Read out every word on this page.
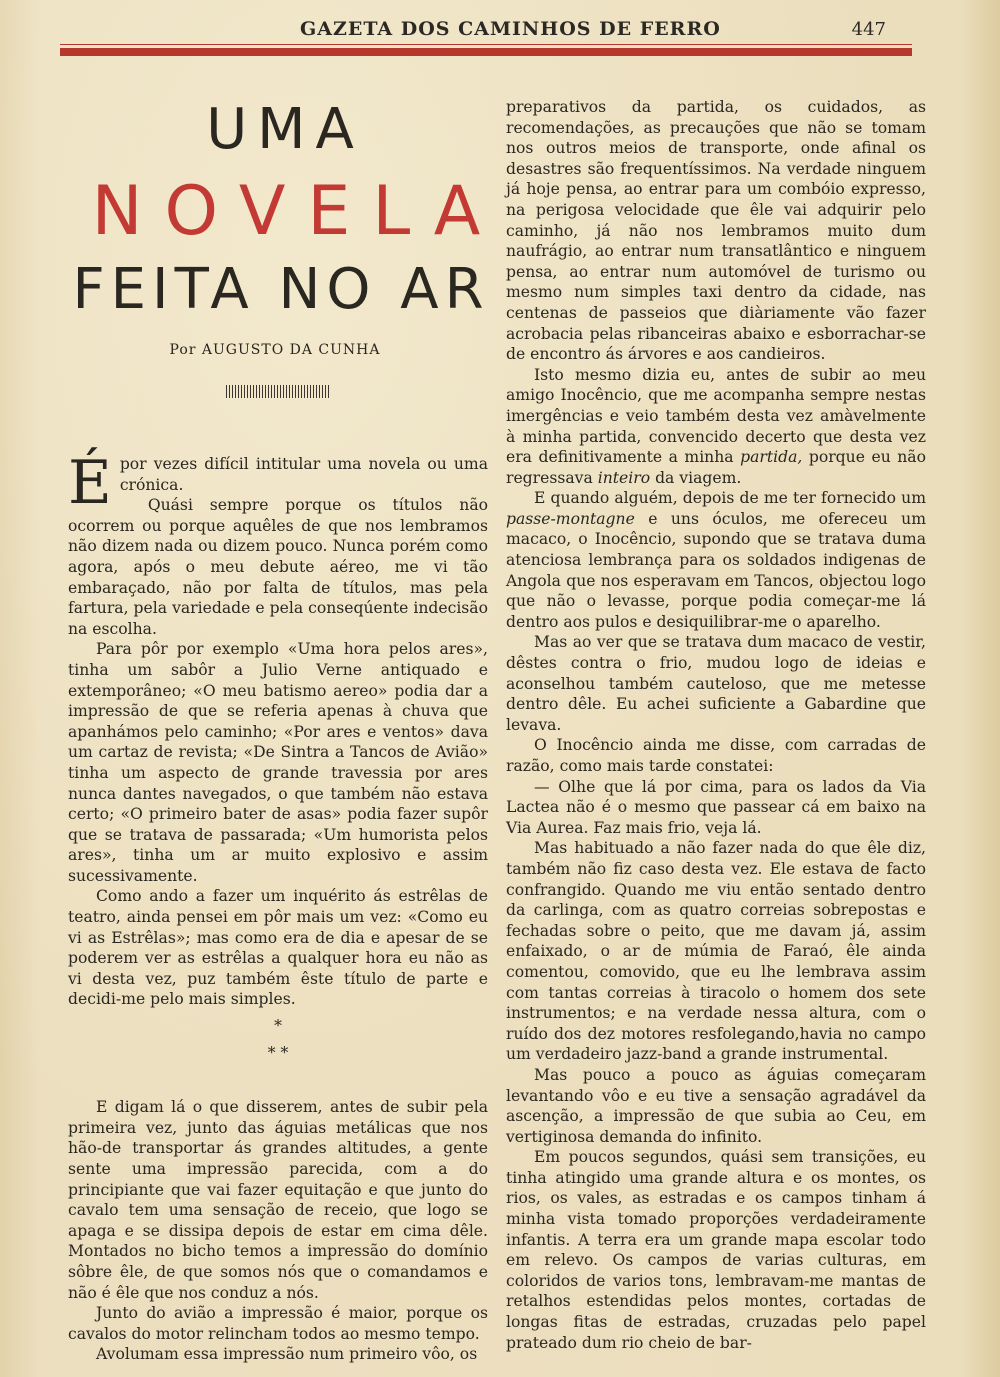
GAZETA DOS CAMINHOS DE FERRO	447
UMA
NOVELA
FEITA NO AR
Por AUGUSTO DA CUNHA

Épor vezes difícil intitular uma novela ou uma crónica.

Quási sempre porque os títulos não ocorrem ou porque aquêles de que nos lembramos não dizem nada ou dizem pouco. Nunca porém como agora, após o meu debute aéreo, me vi tão embaraçado, não por falta de títulos, mas pela fartura, pela variedade e pela conseqúente indecisão na escolha.

Para pôr por exemplo «Uma hora pelos ares», tinha um sabôr a Julio Verne antiquado e extemporâneo; «O meu batismo aereo» podia dar a impressão de que se referia apenas à chuva que apanhámos pelo caminho; «Por ares e ventos» dava um cartaz de revista; «De Sintra a Tancos de Avião» tinha um aspecto de grande travessia por ares nunca dantes navegados, o que também não estava certo; «O primeiro bater de asas» podia fazer supôr que se tratava de passarada; «Um humorista pelos ares», tinha um ar muito explosivo e assim sucessivamente.

Como ando a fazer um inquérito ás estrêlas de teatro, ainda pensei em pôr mais um vez: «Como eu vi as Estrêlas»; mas como era de dia e apesar de se poderem ver as estrêlas a qualquer hora eu não as vi desta vez, puz também êste título de parte e decidi-me pelo mais simples.

*

* *

E digam lá o que disserem, antes de subir pela primeira vez, junto das águias metálicas que nos hão-de transportar ás grandes altitudes, a gente sente uma impressão parecida, com a do principiante que vai fazer equitação e que junto do cavalo tem uma sensação de receio, que logo se apaga e se dissipa depois de estar em cima dêle. Montados no bicho temos a impressão do domínio sôbre êle, de que somos nós que o comandamos e não é êle que nos conduz a nós.

Junto do avião a impressão é maior, porque os cavalos do motor relincham todos ao mesmo tempo.

Avolumam essa impressão num primeiro vôo, os

preparativos da partida, os cuidados, as recomendações, as precauções que não se tomam nos outros meios de transporte, onde afinal os desastres são frequentíssimos. Na verdade ninguem já hoje pensa, ao entrar para um combóio expresso, na perigosa velocidade que êle vai adquirir pelo caminho, já não nos lembramos muito dum naufrágio, ao entrar num transatlântico e ninguem pensa, ao entrar num automóvel de turismo ou mesmo num simples taxi dentro da cidade, nas centenas de passeios que diàriamente vão fazer acrobacia pelas ribanceiras abaixo e esborrachar-se de encontro ás árvores e aos candieiros.

Isto mesmo dizia eu, antes de subir ao meu amigo Inocêncio, que me acompanha sempre nestas imergências e veio também desta vez amàvelmente à minha partida, convencido decerto que desta vez era definitivamente a minha partida, porque eu não regressava inteiro da viagem.

E quando alguém, depois de me ter fornecido um passe-montagne e uns óculos, me ofereceu um macaco, o Inocêncio, supondo que se tratava duma atenciosa lembrança para os soldados indigenas de Angola que nos esperavam em Tancos, objectou logo que não o levasse, porque podia começar-me lá dentro aos pulos e desiquilibrar-me o aparelho.

Mas ao ver que se tratava dum macaco de vestir, dêstes contra o frio, mudou logo de ideias e aconselhou também cauteloso, que me metesse dentro dêle. Eu achei suficiente a Gabardine que levava.

O Inocêncio ainda me disse, com carradas de razão, como mais tarde constatei:

— Olhe que lá por cima, para os lados da Via Lactea não é o mesmo que passear cá em baixo na Via Aurea. Faz mais frio, veja lá.

Mas habituado a não fazer nada do que êle diz, também não fiz caso desta vez. Ele estava de facto confrangido. Quando me viu então sentado dentro da carlinga, com as quatro correias sobrepostas e fechadas sobre o peito, que me davam já, assim enfaixado, o ar de múmia de Faraó, êle ainda comentou, comovido, que eu lhe lembrava assim com tantas correias à tiracolo o homem dos sete instrumentos; e na verdade nessa altura, com o ruído dos dez motores resfolegando,havia no campo um verdadeiro jazz-band a grande instrumental.

Mas pouco a pouco as águias começaram levantando vôo e eu tive a sensação agradável da ascenção, a impressão de que subia ao Ceu, em vertiginosa demanda do infinito.

Em poucos segundos, quási sem transições, eu tinha atingido uma grande altura e os montes, os rios, os vales, as estradas e os campos tinham á minha vista tomado proporções verdadeiramente infantis. A terra era um grande mapa escolar todo em relevo. Os campos de varias culturas, em coloridos de varios tons, lembravam-me mantas de retalhos estendidas pelos montes, cortadas de longas fitas de estradas, cruzadas pelo papel prateado dum rio cheio de bar-
